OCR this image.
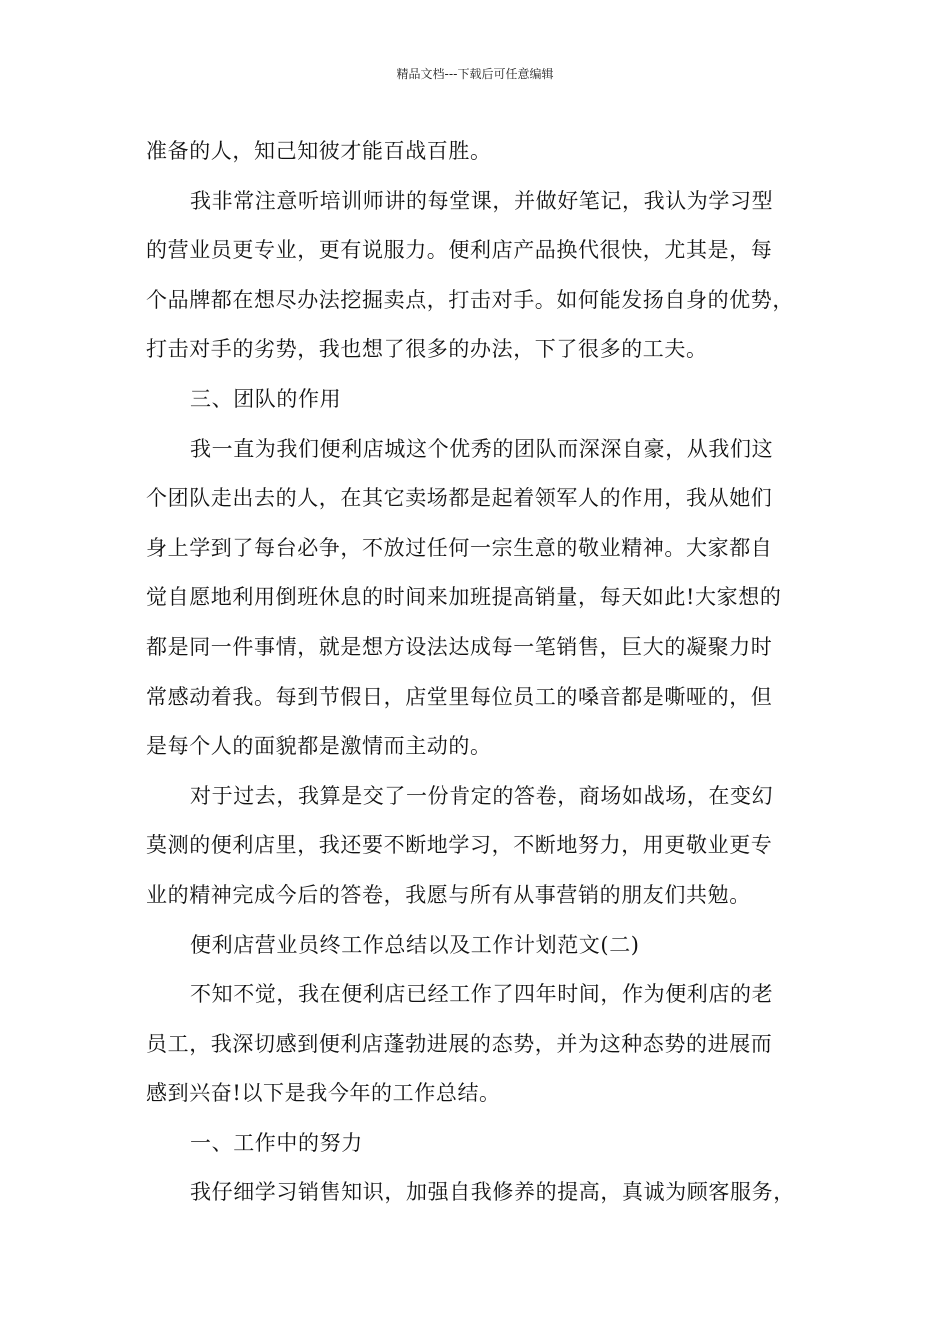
精品文档---下载后可任意编辑
准备的人，知己知彼才能百战百胜。
我非常注意听培训师讲的每堂课，并做好笔记，我认为学习型
的营业员更专业，更有说服力。便利店产品换代很快，尤其是，每
个品牌都在想尽办法挖掘卖点，打击对手。如何能发扬自身的优势，
打击对手的劣势，我也想了很多的办法，下了很多的工夫。
三、团队的作用
我一直为我们便利店城这个优秀的团队而深深自豪，从我们这
个团队走出去的人，在其它卖场都是起着领军人的作用，我从她们
身上学到了每台必争，不放过任何一宗生意的敬业精神。大家都自
觉自愿地利用倒班休息的时间来加班提高销量，每天如此!大家想的
都是同一件事情，就是想方设法达成每一笔销售，巨大的凝聚力时
常感动着我。每到节假日，店堂里每位员工的嗓音都是嘶哑的，但
是每个人的面貌都是激情而主动的。
对于过去，我算是交了一份肯定的答卷，商场如战场，在变幻
莫测的便利店里，我还要不断地学习，不断地努力，用更敬业更专
业的精神完成今后的答卷，我愿与所有从事营销的朋友们共勉。
便利店营业员终工作总结以及工作计划范文(二)
不知不觉，我在便利店已经工作了四年时间，作为便利店的老
员工，我深切感到便利店蓬勃进展的态势，并为这种态势的进展而
感到兴奋!以下是我今年的工作总结。
一、工作中的努力
我仔细学习销售知识，加强自我修养的提高，真诚为顾客服务，
